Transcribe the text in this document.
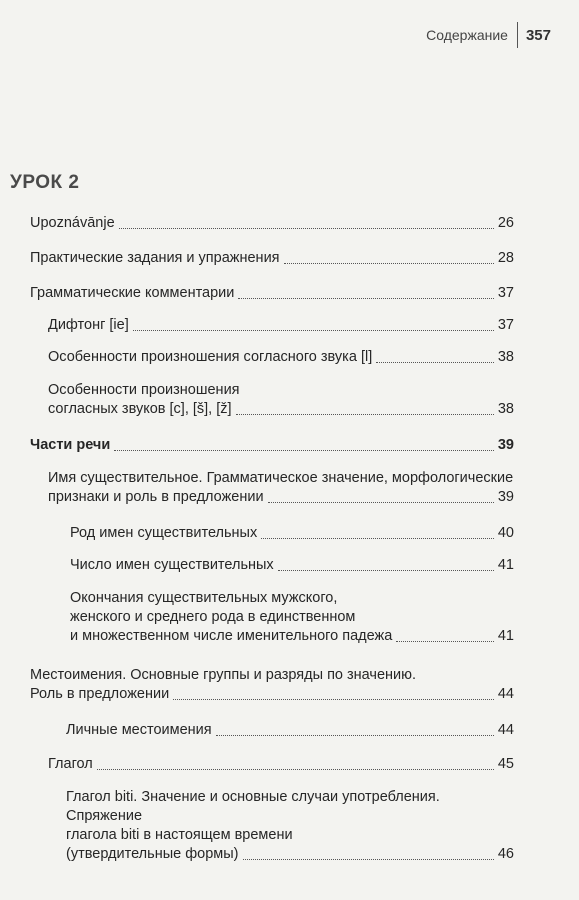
Содержание 357
УРОК 2
Upoznávānje	26
Практические задания и упражнения	28
Грамматические комментарии	37
Дифтонг [ie]	37
Особенности произношения согласного звука [l]	38
Особенности произношения
согласных звуков [c], [š], [ž]	38
Части речи	39
Имя существительное. Грамматическое значение, морфологические
признаки и роль в предложении	39
Род имен существительных	40
Число имен существительных	41
Окончания существительных мужского,
женского и среднего рода в единственном
и множественном числе именительного падежа	41
Местоимения. Основные группы и разряды по значению.
Роль в предложении	44
Личные местоимения	44
Глагол	45
Глагол biti. Значение и основные случаи употребления. Спряжение
глагола biti в настоящем времени
(утвердительные формы)	46
